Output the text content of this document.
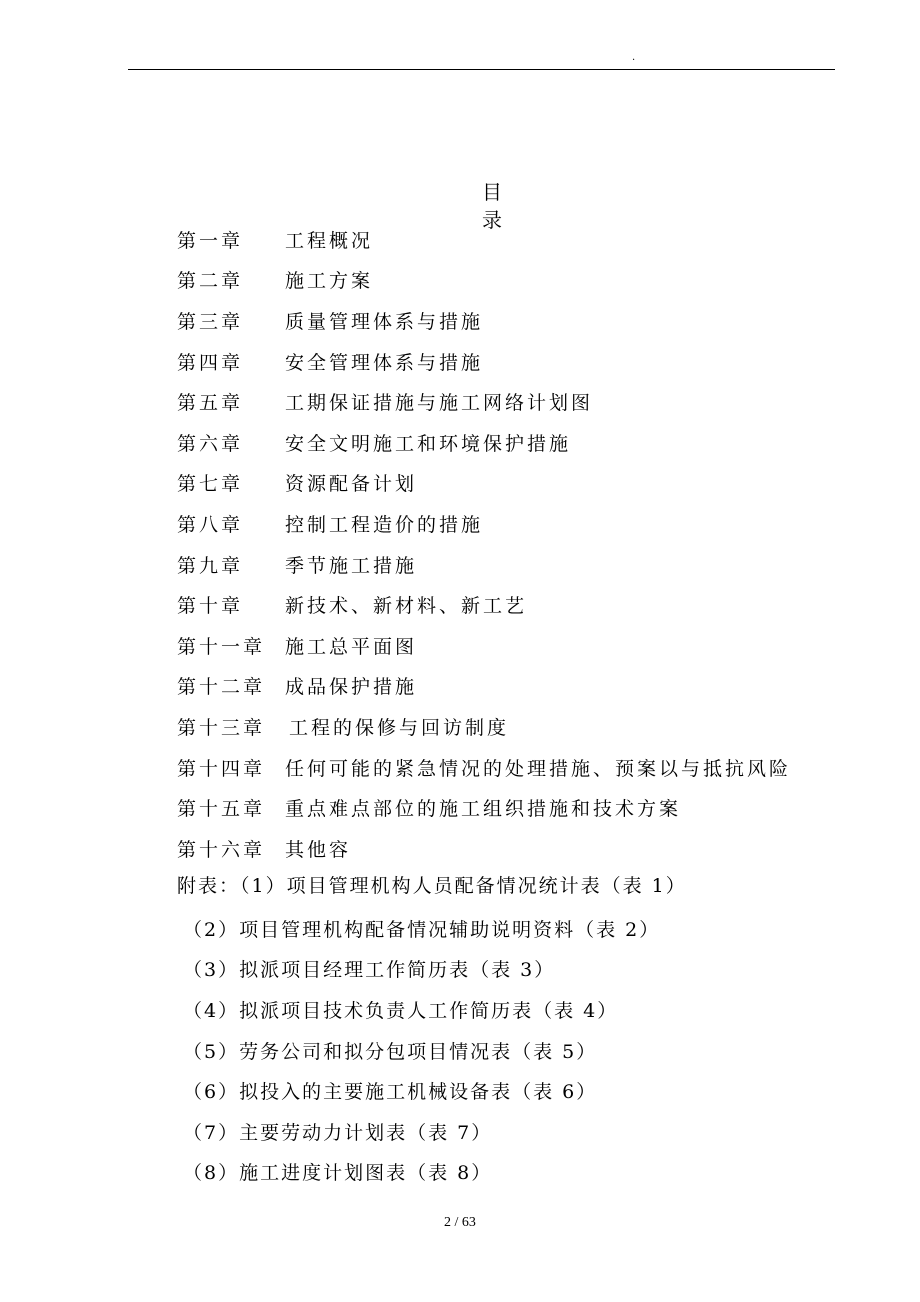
.
目 录
第一章	工程概况
第二章	施工方案
第三章	质量管理体系与措施
第四章	安全管理体系与措施
第五章	工期保证措施与施工网络计划图
第六章	安全文明施工和环境保护措施
第七章	资源配备计划
第八章	控制工程造价的措施
第九章	季节施工措施
第十章	新技术、新材料、新工艺
第十一章	施工总平面图
第十二章	成品保护措施
第十三章	工程的保修与回访制度
第十四章	任何可能的紧急情况的处理措施、预案以与抵抗风险
第十五章	重点难点部位的施工组织措施和技术方案
第十六章	其他容
附表：（1）项目管理机构人员配备情况统计表（表 1）
（2）项目管理机构配备情况辅助说明资料（表 2）
（3）拟派项目经理工作简历表（表 3）
（4）拟派项目技术负责人工作简历表（表 4）
（5）劳务公司和拟分包项目情况表（表 5）
（6）拟投入的主要施工机械设备表（表 6）
（7）主要劳动力计划表（表 7）
（8）施工进度计划图表（表 8）
2 / 63
